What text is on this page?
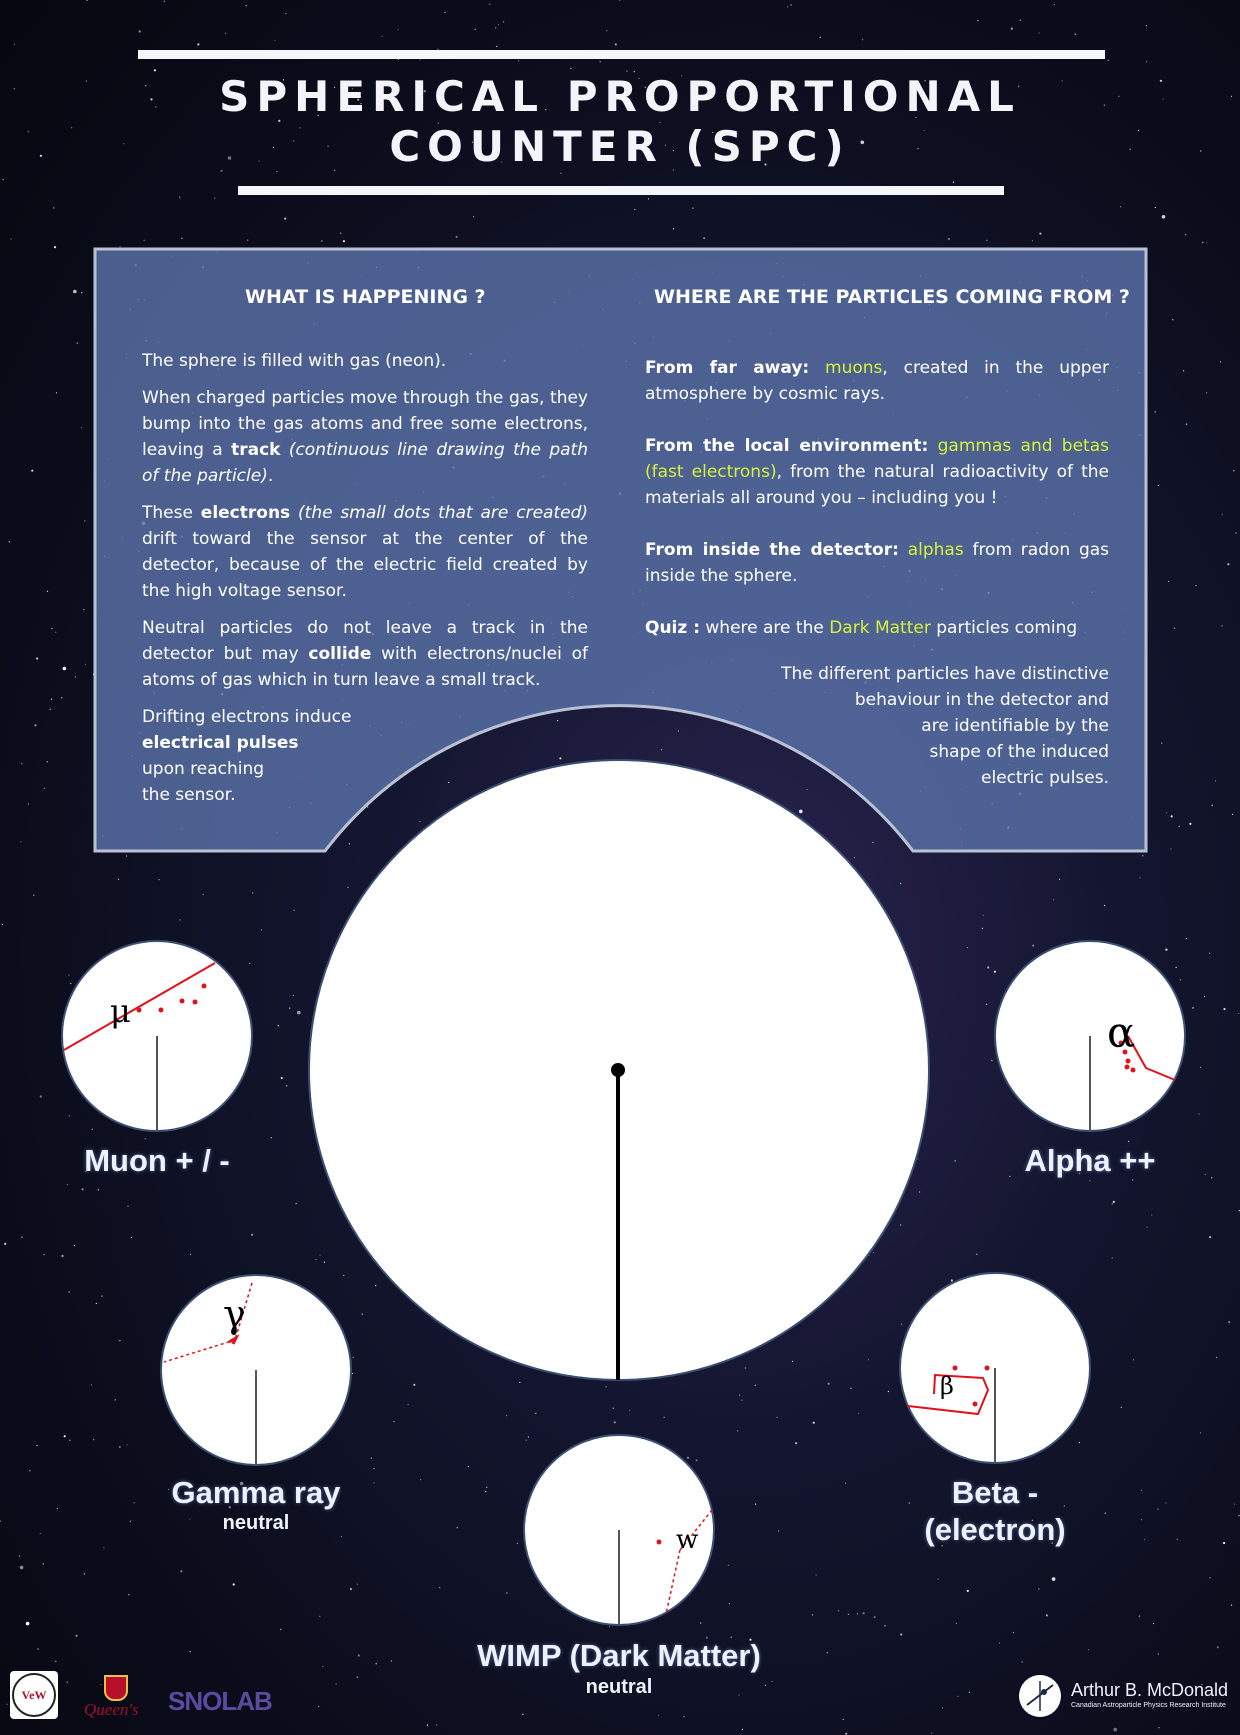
SPHERICAL PROPORTIONAL
COUNTER (SPC)
WHAT IS HAPPENING ?

The sphere is filled with gas (neon).

When charged particles move through the gas, they bump into the gas atoms and free some electrons, leaving a track (continuous line drawing the path of the particle).

These electrons (the small dots that are created) drift toward the sensor at the center of the detector, because of the electric field created by the high voltage sensor.

Neutral particles do not leave a track in the detector but may collide with electrons/nuclei of atoms of gas which in turn leave a small track.

Drifting electrons induce
electrical pulses
upon reaching
the sensor.

WHERE ARE THE PARTICLES COMING FROM ?

From far away: muons, created in the upper atmosphere by cosmic rays.

From the local environment: gammas and betas (fast electrons), from the natural radioactivity of the materials all around you – including you !

From inside the detector: alphas from radon gas inside the sphere.

Quiz : where are the Dark Matter particles coming

The different particles have distinctive
behaviour in the detector and
are identifiable by the
shape of the induced
electric pulses.

μ	α
γ
β
w
Muon + / -	Alpha ++
Gamma ray
neutral
Beta -
(electron)
WIMP (Dark Matter)
neutral
VeW
Queen's SNOLAB	Arthur B. McDonald
Canadian Astroparticle Physics Research Institute
